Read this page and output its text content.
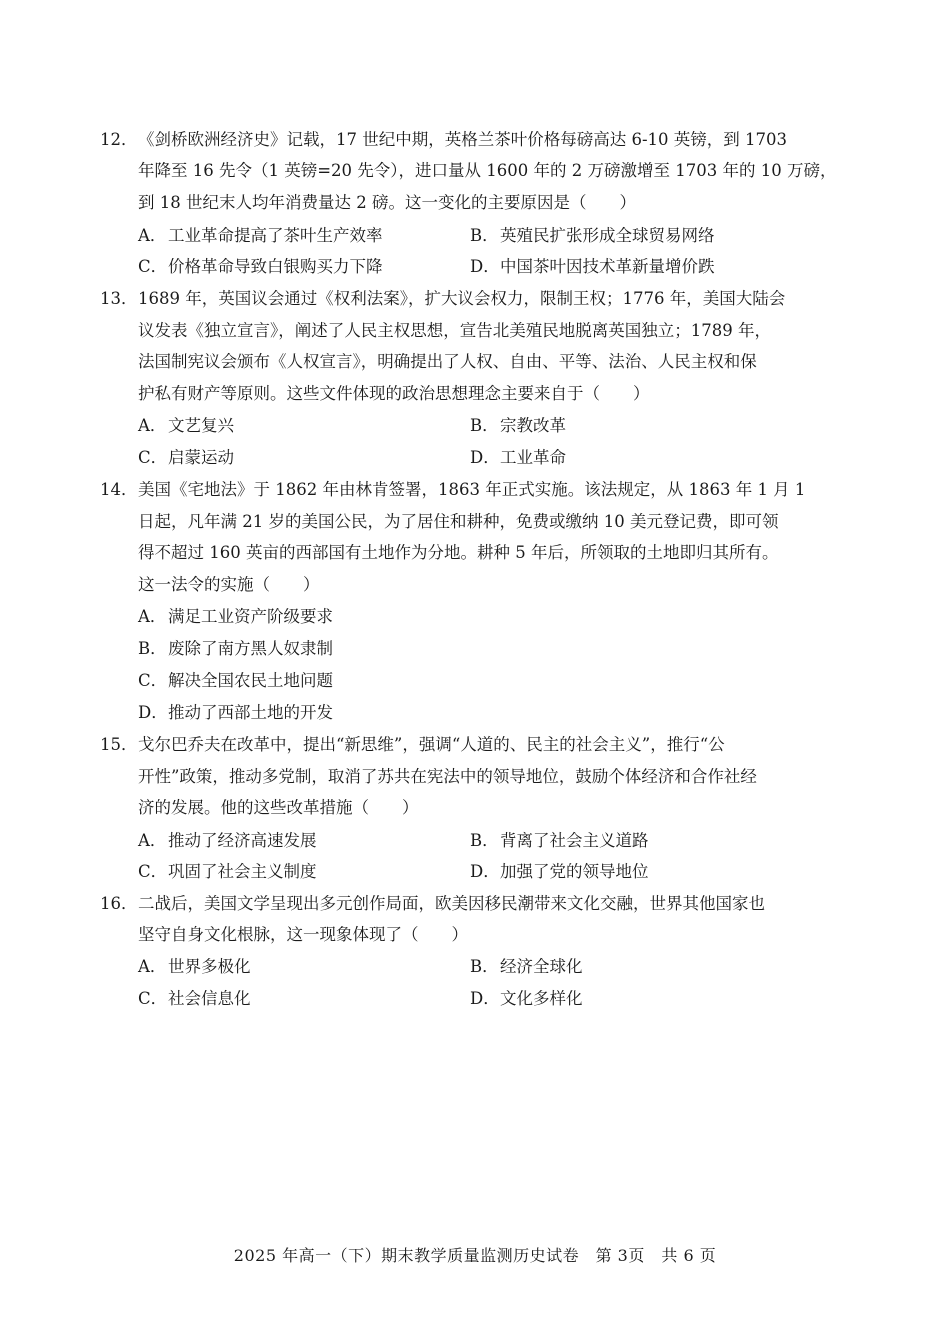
12． 《剑桥欧洲经济史》记载，17 世纪中期，英格兰茶叶价格每磅高达 6-10 英镑，到 1703
年降至 16 先令（1 英镑=20 先令），进口量从 1600 年的 2 万磅激增至 1703 年的 10 万磅，
到 18 世纪末人均年消费量达 2 磅。这一变化的主要原因是（　　）
A．工业革命提高了茶叶生产效率	B．英殖民扩张形成全球贸易网络
C．价格革命导致白银购买力下降	D．中国茶叶因技术革新量增价跌
13． 1689 年，英国议会通过《权利法案》，扩大议会权力，限制王权；1776 年，美国大陆会
议发表《独立宣言》，阐述了人民主权思想，宣告北美殖民地脱离英国独立；1789 年，
法国制宪议会颁布《人权宣言》，明确提出了人权、自由、平等、法治、人民主权和保
护私有财产等原则。这些文件体现的政治思想理念主要来自于（　　）
A．文艺复兴	B．宗教改革
C．启蒙运动	D．工业革命
14． 美国《宅地法》于 1862 年由林肯签署，1863 年正式实施。该法规定，从 1863 年 1 月 1
日起，凡年满 21 岁的美国公民，为了居住和耕种，免费或缴纳 10 美元登记费，即可领
得不超过 160 英亩的西部国有土地作为分地。耕种 5 年后，所领取的土地即归其所有。
这一法令的实施（　　）
A．满足工业资产阶级要求
B．废除了南方黑人奴隶制
C．解决全国农民土地问题
D．推动了西部土地的开发
15． 戈尔巴乔夫在改革中，提出“新思维”，强调“人道的、民主的社会主义”，推行“公
开性”政策，推动多党制，取消了苏共在宪法中的领导地位，鼓励个体经济和合作社经
济的发展。他的这些改革措施（　　）
A．推动了经济高速发展	B．背离了社会主义道路
C．巩固了社会主义制度	D．加强了党的领导地位
16． 二战后，美国文学呈现出多元创作局面，欧美因移民潮带来文化交融，世界其他国家也
坚守自身文化根脉，这一现象体现了（　　）
A．世界多极化	B．经济全球化
C．社会信息化	D．文化多样化
2025 年高一（下）期末教学质量监测历史试卷　第 3页　共 6 页
